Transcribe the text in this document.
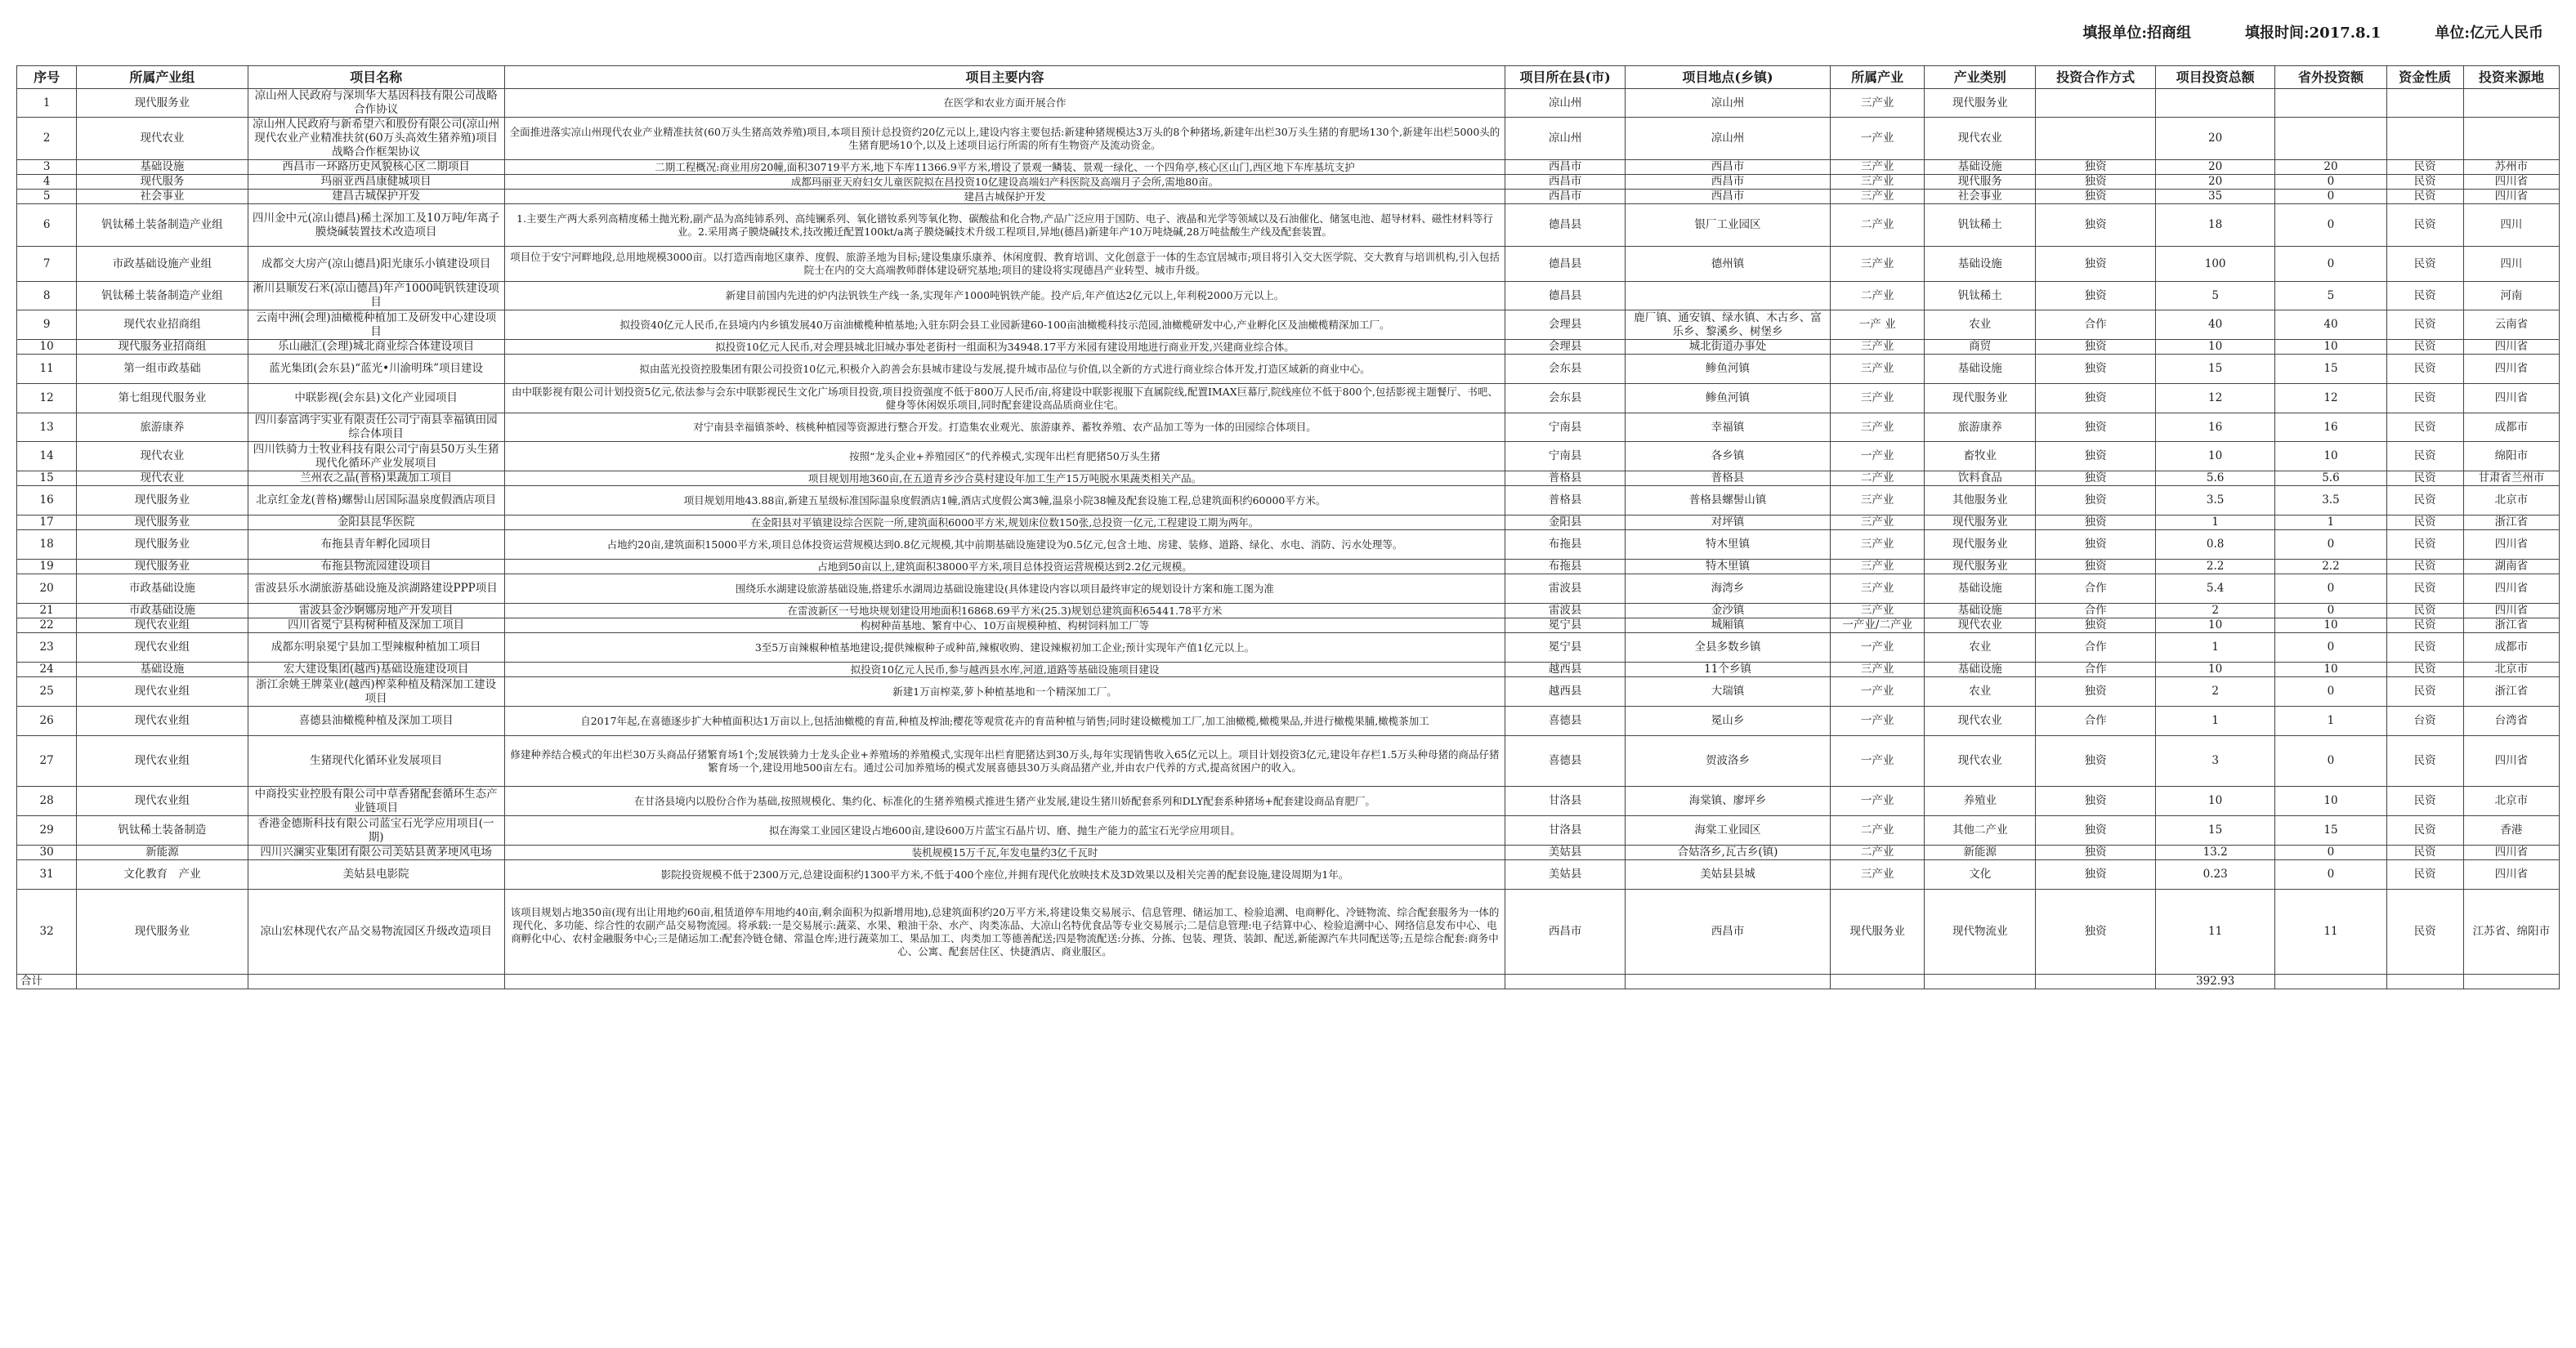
填报单位:招商组	填报时间:2017.8.1	单位:亿元人民币
序号	所属产业组	项目名称	项目主要内容	项目所在县(市)	项目地点(乡镇)	所属产业	产业类别	投资合作方式	项目投资总额	省外投资额	资金性质	投资来源地
1	现代服务业	凉山州人民政府与深圳华大基因科技有限公司战略合作协议	在医学和农业方面开展合作	凉山州	凉山州	三产业	现代服务业					
2	现代农业	凉山州人民政府与新希望六和股份有限公司(凉山州现代农业产业精准扶贫(60万头高效生猪养殖)项目战略合作框架协议	全面推进落实凉山州现代农业产业精准扶贫(60万头生猪高效养殖)项目,本项目预计总投资约20亿元以上,建设内容主要包括:新建种猪规模达3万头的8个种猪场,新建年出栏30万头生猪的育肥场130个,新建年出栏5000头的生猪育肥场10个,以及上述项目运行所需的所有生物资产及流动资金。	凉山州	凉山州	一产业	现代农业		20			
3	基础设施	西昌市一环路历史风貌核心区二期项目	二期工程概况:商业用房20幢,面积30719平方米,地下车库11366.9平方米,增设了景观一鳞装、景观一绿化、一个四角亭,核心区山门,西区地下车库基坑支护	西昌市	西昌市	三产业	基础设施	独资	20	20	民资	苏州市
4	现代服务	玛丽亚西昌康健城项目	成都玛丽亚天府妇女儿童医院拟在昌投资10亿建设高端妇产科医院及高端月子会所,需地80亩。	西昌市	西昌市	三产业	现代服务	独资	20	0	民资	四川省
5	社会事业	建昌古城保护开发	建昌古城保护开发	西昌市	西昌市	三产业	社会事业	独资	35	0	民资	四川省
6	钒钛稀土装备制造产业组	四川金中元(凉山德昌)稀土深加工及10万吨/年离子膜烧碱装置技术改造项目	1.主要生产两大系列高精度稀土抛光粉,副产品为高纯铈系列、高纯镧系列、氧化镨钕系列等氧化物、碳酸盐和化合物,产品广泛应用于国防、电子、液晶和光学等领域以及石油催化、储氢电池、超导材料、磁性材料等行业。2.采用离子膜烧碱技术,技改搬迁配置100kt/a离子膜烧碱技术升级工程项目,异地(德昌)新建年产10万吨烧碱,28万吨盐酸生产线及配套装置。	德昌县	银厂工业园区	二产业	钒钛稀土	独资	18	0	民资	四川
7	市政基础设施产业组	成都交大房产(凉山德昌)阳光康乐小镇建设项目	项目位于安宁河畔地段,总用地规模3000亩。以打造西南地区康养、度假、旅游圣地为目标;建设集康乐康养、休闲度假、教育培训、文化创意于一体的生态宜居城市;项目将引入交大医学院、交大教育与培训机构,引入包括院士在内的交大高端教师群体建设研究基地;项目的建设将实现德昌产业转型、城市升级。	德昌县	德州镇	三产业	基础设施	独资	100	0	民资	四川
8	钒钛稀土装备制造产业组	淅川县顺发石米(凉山德昌)年产1000吨钒铁建设项目	新建目前国内先进的炉内法钒铁生产线一条,实现年产1000吨钒铁产能。投产后,年产值达2亿元以上,年利税2000万元以上。	德昌县		二产业	钒钛稀土	独资	5	5	民资	河南
9	现代农业招商组	云南中洲(会理)油橄榄种植加工及研发中心建设项目	拟投资40亿元人民币,在县境内内乡镇发展40万亩油橄榄种植基地;入驻东阴会县工业园新建60-100亩油橄榄科技示范园,油橄榄研发中心,产业孵化区及油橄榄精深加工厂。	会理县	鹿厂镇、通安镇、绿水镇、木古乡、富乐乡、黎溪乡、树堡乡	一产 业	农业	合作	40	40	民资	云南省
10	现代服务业招商组	乐山融汇(会理)城北商业综合体建设项目	拟投资10亿元人民币,对会理县城北旧城办事处老街村一组面积为34948.17平方米园有建设用地进行商业开发,兴建商业综合体。	会理县	城北街道办事处	三产业	商贸	独资	10	10	民资	四川省
11	第一组市政基础	蓝光集团(会东县)“蓝光•川渝明珠”项目建设	拟由蓝光投资控股集团有限公司投资10亿元,积极介入韵善会东县城市建设与发展,提升城市品位与价值,以全新的方式进行商业综合体开发,打造区域新的商业中心。	会东县	鲹鱼河镇	三产业	基础设施	独资	15	15	民资	四川省
12	第七组现代服务业	中联影视(会东县)文化产业园项目	由中联影视有限公司计划投资5亿元,依法参与会东中联影视民生文化广场项目投资,项目投资强度不低于800万人民币/亩,将建设中联影视服下直属院线,配置IMAX巨幕厅,院线座位不低于800个,包括影视主题餐厅、书吧、健身等休闲娱乐项目,同时配套建设高品质商业住宅。	会东县	鲹鱼河镇	三产业	现代服务业	独资	12	12	民资	四川省
13	旅游康养	四川泰富鸿宇实业有限责任公司宁南县幸福镇田园综合体项目	对宁南县幸福镇茶岭、核桃种植园等资源进行整合开发。打造集农业观光、旅游康养、蓄牧养殖、农产品加工等为一体的田园综合体项目。	宁南县	幸福镇	三产业	旅游康养	独资	16	16	民资	成都市
14	现代农业	四川铁骑力士牧业科技有限公司宁南县50万头生猪现代化循环产业发展项目	按照“龙头企业+养殖园区”的代养模式,实现年出栏育肥猪50万头生猪	宁南县	各乡镇	一产业	畜牧业	独资	10	10	民资	绵阳市
15	现代农业	兰州农之晶(普格)果蔬加工项目	项目规划用地360亩,在五道青乡沙合莫村建设年加工生产15万吨脱水果蔬类相关产品。	普格县	普格县	二产业	饮料食品	独资	5.6	5.6	民资	甘肃省兰州市
16	现代服务业	北京红金龙(普格)螺髻山居国际温泉度假酒店项目	项目规划用地43.88亩,新建五星级标准国际温泉度假酒店1幢,酒店式度假公寓3幢,温泉小院38幢及配套设施工程,总建筑面积约60000平方米。	普格县	普格县螺髻山镇	三产业	其他服务业	独资	3.5	3.5	民资	北京市
17	现代服务业	金阳县昆华医院	在金阳县对平镇建设综合医院一所,建筑面积6000平方米,规划床位数150张,总投资一亿元,工程建设工期为两年。	金阳县	对坪镇	三产业	现代服务业	独资	1	1	民资	浙江省
18	现代服务业	布拖县青年孵化园项目	占地约20亩,建筑面积15000平方米,项目总体投资运营规模达到0.8亿元规模,其中前期基础设施建设为0.5亿元,包含土地、房建、装修、道路、绿化、水电、消防、污水处理等。	布拖县	特木里镇	三产业	现代服务业	独资	0.8	0	民资	四川省
19	现代服务业	布拖县物流园建设项目	占地到50亩以上,建筑面积38000平方米,项目总体投资运营规模达到2.2亿元规模。	布拖县	特木里镇	三产业	现代服务业	独资	2.2	2.2	民资	湖南省
20	市政基础设施	雷波县乐水湖旅游基础设施及滨湖路建设PPP项目	围绕乐水湖建设旅游基础设施,搭建乐水湖周边基础设施建设(具体建设内容以项目最终审定的规划设计方案和施工图为准	雷波县	海湾乡	三产业	基础设施	合作	5.4	0	民资	四川省
21	市政基础设施	雷波县金沙婀娜房地产开发项目	在雷波新区一号地块规划建设用地面积16868.69平方米(25.3)规划总建筑面积65441.78平方米	雷波县	金沙镇	三产业	基础设施	合作	2	0	民资	四川省
22	现代农业组	四川省冕宁县构树种植及深加工项目	构树种苗基地、繁育中心、10万亩规模种植、构树饲料加工厂等	冕宁县	城厢镇	一产业/二产业	现代农业	独资	10	10	民资	浙江省
23	现代农业组	成都东明泉冕宁县加工型辣椒种植加工项目	3至5万亩辣椒种植基地建设;提供辣椒种子或种苗,辣椒收购、建设辣椒初加工企业;预计实现年产值1亿元以上。	冕宁县	全县多数乡镇	一产业	农业	合作	1	0	民资	成都市
24	基础设施	宏大建设集团(越西)基础设施建设项目	拟投资10亿元人民币,参与越西县水库,河道,道路等基础设施项目建设	越西县	11个乡镇	三产业	基础设施	合作	10	10	民资	北京市
25	现代农业组	浙江余姚王牌菜业(越西)榨菜种植及精深加工建设项目	新建1万亩榨菜,萝卜种植基地和一个精深加工厂。	越西县	大瑞镇	一产业	农业	独资	2	0	民资	浙江省
26	现代农业组	喜德县油橄榄种植及深加工项目	自2017年起,在喜德逐步扩大种植面积达1万亩以上,包括油橄榄的育苗,种植及榨油;樱花等观赏花卉的育苗种植与销售;同时建设橄榄加工厂,加工油橄榄,橄榄果品,并进行橄榄果脯,橄榄茶加工	喜德县	冕山乡	一产业	现代农业	合作	1	1	台资	台湾省
27	现代农业组	生猪现代化循环业发展项目	修建种养结合模式的年出栏30万头商品仔猪繁育场1个;发展铁骑力士龙头企业+养殖场的养殖模式,实现年出栏育肥猪达到30万头,每年实现销售收入65亿元以上。项目计划投资3亿元,建设年存栏1.5万头种母猪的商品仔猪繁育场一个,建设用地500亩左右。通过公司加养殖场的模式发展喜德县30万头商品猪产业,并由农户代养的方式,提高贫困户的收入。	喜德县	贺波洛乡	一产业	现代农业	独资	3	0	民资	四川省
28	现代农业组	中商投实业控股有限公司中草香猪配套循环生态产业链项目	在甘洛县境内以股份合作为基础,按照规模化、集约化、标准化的生猪养殖模式推进生猪产业发展,建设生猪川娇配套系列和DLY配套系种猪场+配套建设商品育肥厂。	甘洛县	海棠镇、廖坪乡	一产业	养殖业	独资	10	10	民资	北京市
29	钒钛稀土装备制造	香港金德斯科技有限公司蓝宝石光学应用项目(一期)	拟在海棠工业园区建设占地600亩,建设600万片蓝宝石晶片切、磨、抛生产能力的蓝宝石光学应用项目。	甘洛县	海棠工业园区	二产业	其他二产业	独资	15	15	民资	香港
30	新能源	四川兴澜实业集团有限公司美姑县黄茅埂风电场	装机规模15万千瓦,年发电量约3亿千瓦时	美姑县	合姑洛乡,瓦古乡(镇)	二产业	新能源	独资	13.2	0	民资	四川省
31	文化教育　产业	美姑县电影院	影院投资规模不低于2300万元,总建设面积约1300平方米,不低于400个座位,并拥有现代化放映技术及3D效果以及相关完善的配套设施,建设周期为1年。	美姑县	美姑县县城	三产业	文化	独资	0.23	0	民资	四川省
32	现代服务业	凉山宏林现代农产品交易物流园区升级改造项目	该项目规划占地350亩(现有出让用地约60亩,租赁道停车用地约40亩,剩余面积为拟新增用地),总建筑面积约20万平方米,将建设集交易展示、信息管理、储运加工、检验追溯、电商孵化、冷链物流、综合配套服务为一体的现代化、多功能、综合性的农副产品交易物流园。将承载:一是交易展示:蔬菜、水果、粮油干杂、水产、肉类冻品、大凉山名特优食品等专业交易展示;二是信息管理:电子结算中心、检验追溯中心、网络信息发布中心、电商孵化中心、农村金融服务中心;三是储运加工:配套冷链仓储、常温仓库;进行蔬菜加工、果品加工、肉类加工等德善配送;四是物流配送:分拣、分拣、包装、理货、装卸、配送,新能源汽车共同配送等;五是综合配套:商务中心、公寓、配套居住区、快捷酒店、商业服区。	西昌市	西昌市	现代服务业	现代物流业	独资	11	11	民资	江苏省、绵阳市
合计									392.93			
